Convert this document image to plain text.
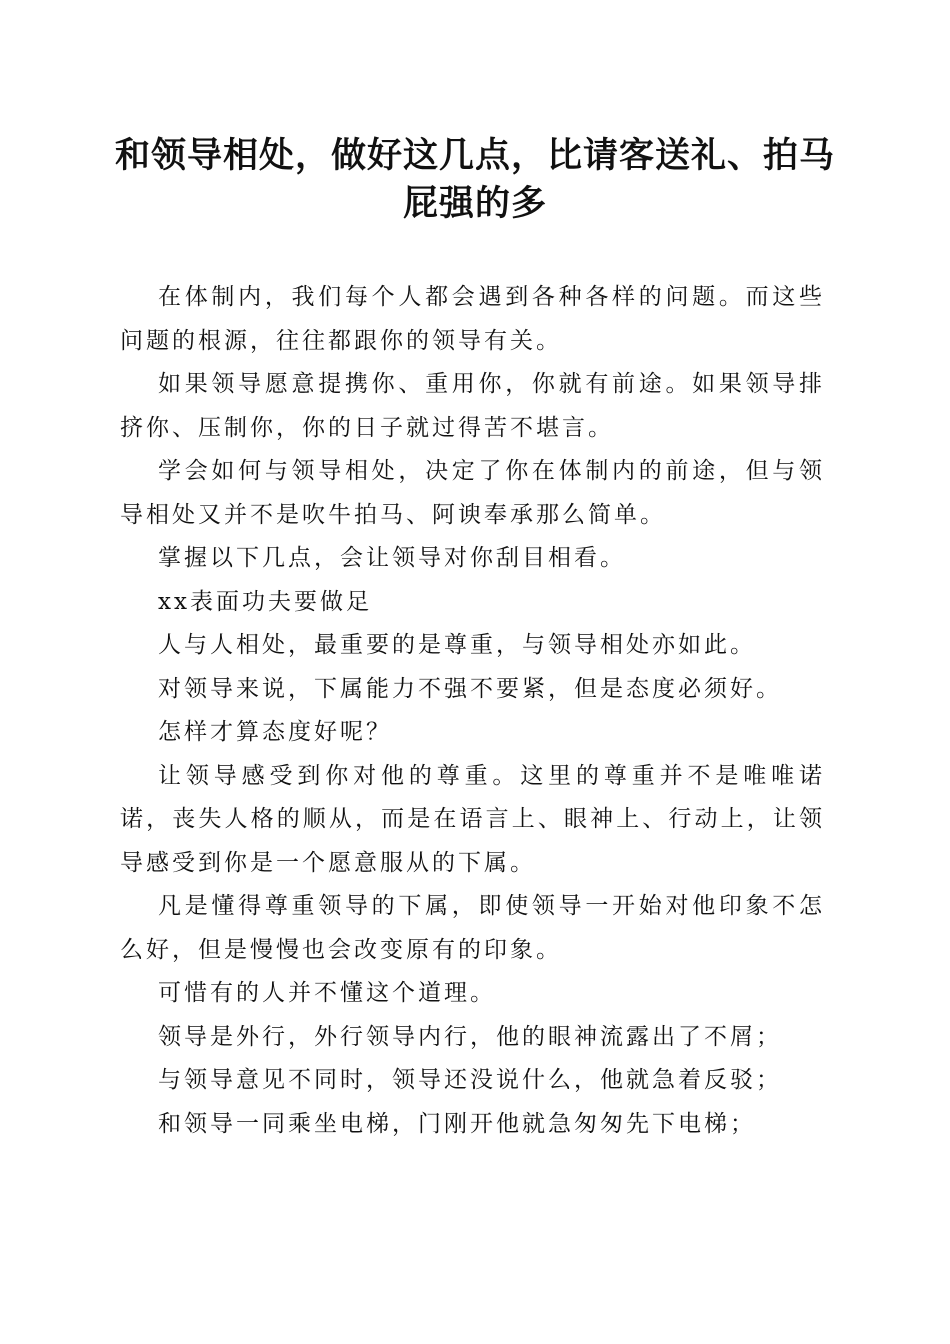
和领导相处，做好这几点，比请客送礼、拍马屁强的多

在体制内，我们每个人都会遇到各种各样的问题。而这些问题的根源，往往都跟你的领导有关。

如果领导愿意提携你、重用你，你就有前途。如果领导排挤你、压制你，你的日子就过得苦不堪言。

学会如何与领导相处，决定了你在体制内的前途，但与领导相处又并不是吹牛拍马、阿谀奉承那么简单。

掌握以下几点，会让领导对你刮目相看。

xx表面功夫要做足

人与人相处，最重要的是尊重，与领导相处亦如此。

对领导来说，下属能力不强不要紧，但是态度必须好。

怎样才算态度好呢？

让领导感受到你对他的尊重。这里的尊重并不是唯唯诺诺，丧失人格的顺从，而是在语言上、眼神上、行动上，让领导感受到你是一个愿意服从的下属。

凡是懂得尊重领导的下属，即使领导一开始对他印象不怎么好，但是慢慢也会改变原有的印象。

可惜有的人并不懂这个道理。

领导是外行，外行领导内行，他的眼神流露出了不屑；

与领导意见不同时，领导还没说什么，他就急着反驳；

和领导一同乘坐电梯，门刚开他就急匆匆先下电梯；
